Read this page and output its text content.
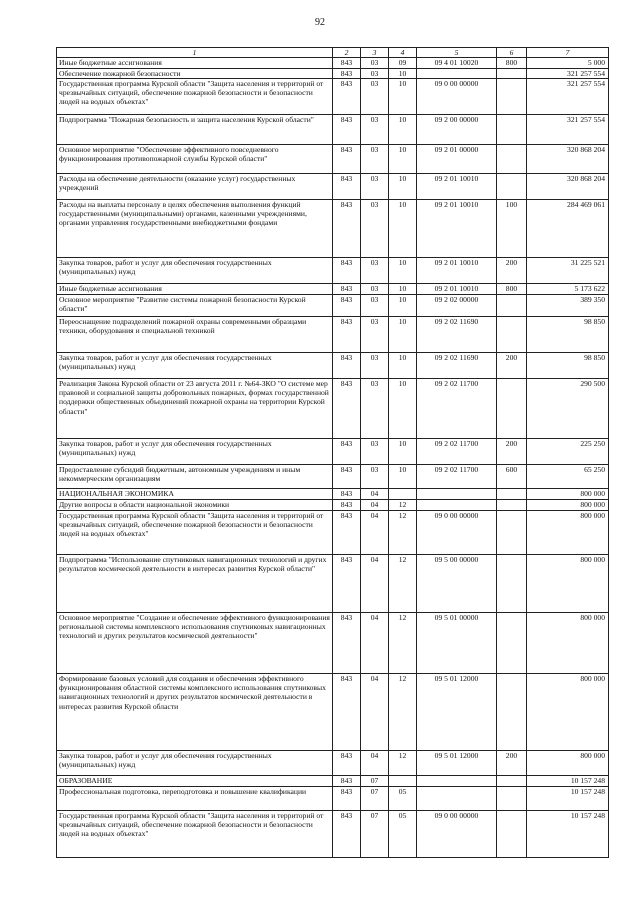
92
1	2	3	4	5	6	7
Иные бюджетные ассигнования	843	03	09	09 4 01 10020	800	5 000
Обеспечение пожарной безопасности	843	03	10			321 257 554
Государственная программа Курской области "Защита населения и территорий от чрезвычайных ситуаций, обеспечение пожарной безопасности и безопасности людей на водных объектах"	843	03	10	09 0 00 00000		321 257 554
Подпрограмма "Пожарная безопасность и защита населения Курской области"	843	03	10	09 2 00 00000		321 257 554
Основное мероприятие "Обеспечение эффективного повседневного функционирования противопожарной службы Курской области"	843	03	10	09 2 01 00000		320 868 204
Расходы на обеспечение деятельности (оказание услуг) государственных учреждений	843	03	10	09 2 01 10010		320 868 204
Расходы на выплаты персоналу в целях обеспечения выполнения функций государственными (муниципальными) органами, казенными учреждениями, органами управления государственными внебюджетными фондами	843	03	10	09 2 01 10010	100	284 469 061
Закупка товаров, работ и услуг для обеспечения государственных (муниципальных) нужд	843	03	10	09 2 01 10010	200	31 225 521
Иные бюджетные ассигнования	843	03	10	09 2 01 10010	800	5 173 622
Основное мероприятие "Развитие системы пожарной безопасности Курской области"	843	03	10	09 2 02 00000		389 350
Переоснащение подразделений пожарной охраны современными образцами техники, оборудования и специальной техникой	843	03	10	09 2 02 11690		98 850
Закупка товаров, работ и услуг для обеспечения государственных (муниципальных) нужд	843	03	10	09 2 02 11690	200	98 850
Реализация Закона Курской области от 23 августа 2011 г. №64-ЗКО "О системе мер правовой и социальной защиты добровольных пожарных, формах государственной поддержки общественных объединений пожарной охраны на территории Курской области"	843	03	10	09 2 02 11700		290 500
Закупка товаров, работ и услуг для обеспечения государственных (муниципальных) нужд	843	03	10	09 2 02 11700	200	225 250
Предоставление субсидий бюджетным, автономным учреждениям и иным некоммерческим организациям	843	03	10	09 2 02 11700	600	65 250
НАЦИОНАЛЬНАЯ ЭКОНОМИКА	843	04				800 000
Другие вопросы в области национальной экономики	843	04	12			800 000
Государственная программа Курской области "Защита населения и территорий от чрезвычайных ситуаций, обеспечение пожарной безопасности и безопасности людей на водных объектах"	843	04	12	09 0 00 00000		800 000
Подпрограмма "Использование спутниковых навигационных технологий и других результатов космической деятельности в интересах развития Курской области"	843	04	12	09 5 00 00000		800 000
Основное мероприятие "Создание и обеспечение эффективного функционирования региональной системы комплексного использования спутниковых навигационных технологий и других результатов космической деятельности"	843	04	12	09 5 01 00000		800 000
Формирование базовых условий для создания и обеспечения эффективного функционирования областной системы комплексного использования спутниковых навигационных технологий и других результатов космической деятельности в интересах развития Курской области	843	04	12	09 5 01 12000		800 000
Закупка товаров, работ и услуг для обеспечения государственных (муниципальных) нужд	843	04	12	09 5 01 12000	200	800 000
ОБРАЗОВАНИЕ	843	07				10 157 248
Профессиональная подготовка, переподготовка и повышение квалификации	843	07	05			10 157 248
Государственная программа Курской области "Защита населения и территорий от чрезвычайных ситуаций, обеспечение пожарной безопасности и безопасности людей на водных объектах"	843	07	05	09 0 00 00000		10 157 248
